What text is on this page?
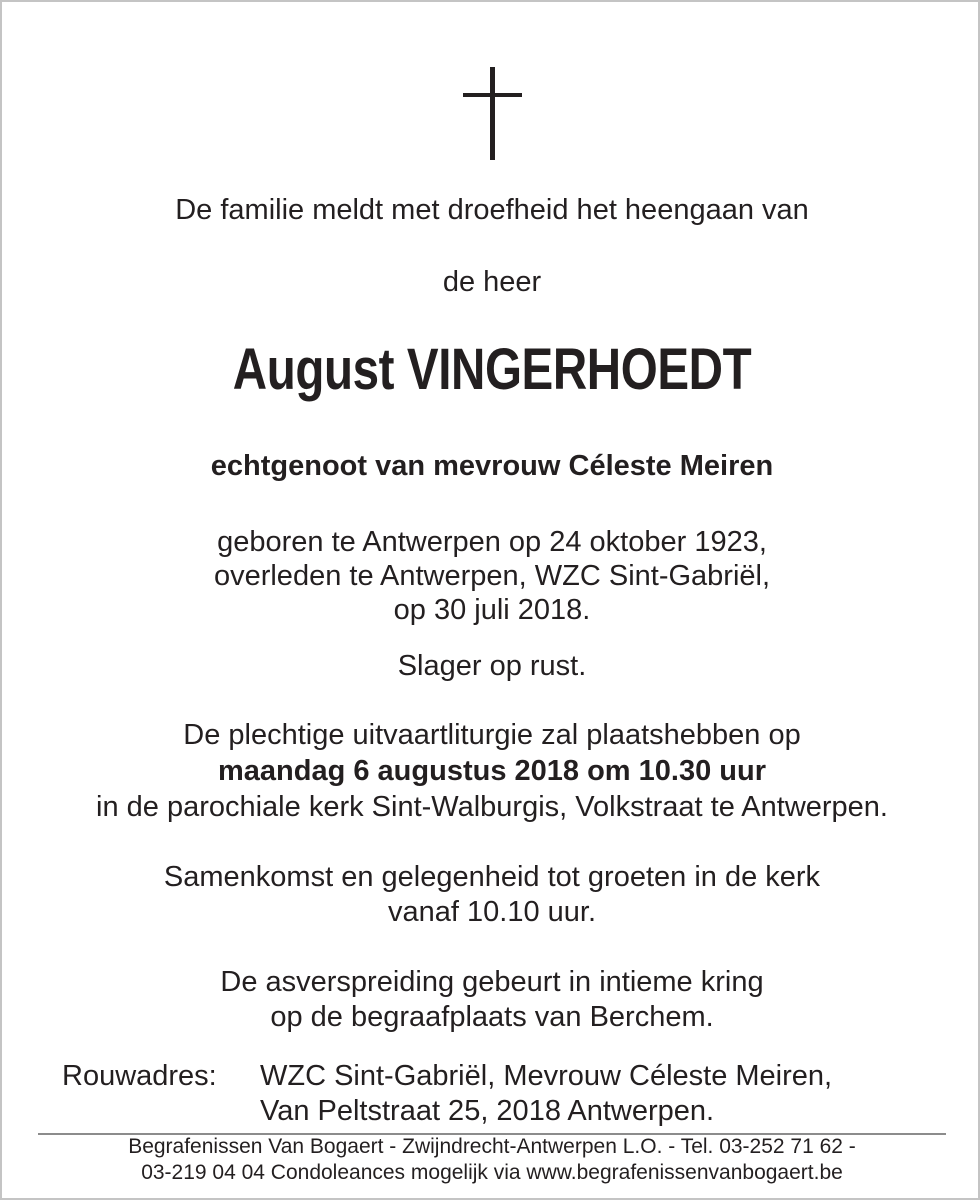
De familie meldt met droefheid het heengaan van
de heer
August VINGERHOEDT
echtgenoot van mevrouw Céleste Meiren
geboren te Antwerpen op 24 oktober 1923,
overleden te Antwerpen, WZC Sint-Gabriël,
op 30 juli 2018.
Slager op rust.
De plechtige uitvaartliturgie zal plaatshebben op
maandag 6 augustus 2018 om 10.30 uur
in de parochiale kerk Sint-Walburgis, Volkstraat te Antwerpen.
Samenkomst en gelegenheid tot groeten in de kerk
vanaf 10.10 uur.
De asverspreiding gebeurt in intieme kring
op de begraafplaats van Berchem.
Rouwadres: WZC Sint-Gabriël, Mevrouw Céleste Meiren,
Van Peltstraat 25, 2018 Antwerpen.
Begrafenissen Van Bogaert - Zwijndrecht-Antwerpen L.O. - Tel. 03-252 71 62 -
03-219 04 04 Condoleances mogelijk via www.begrafenissenvanbogaert.be
